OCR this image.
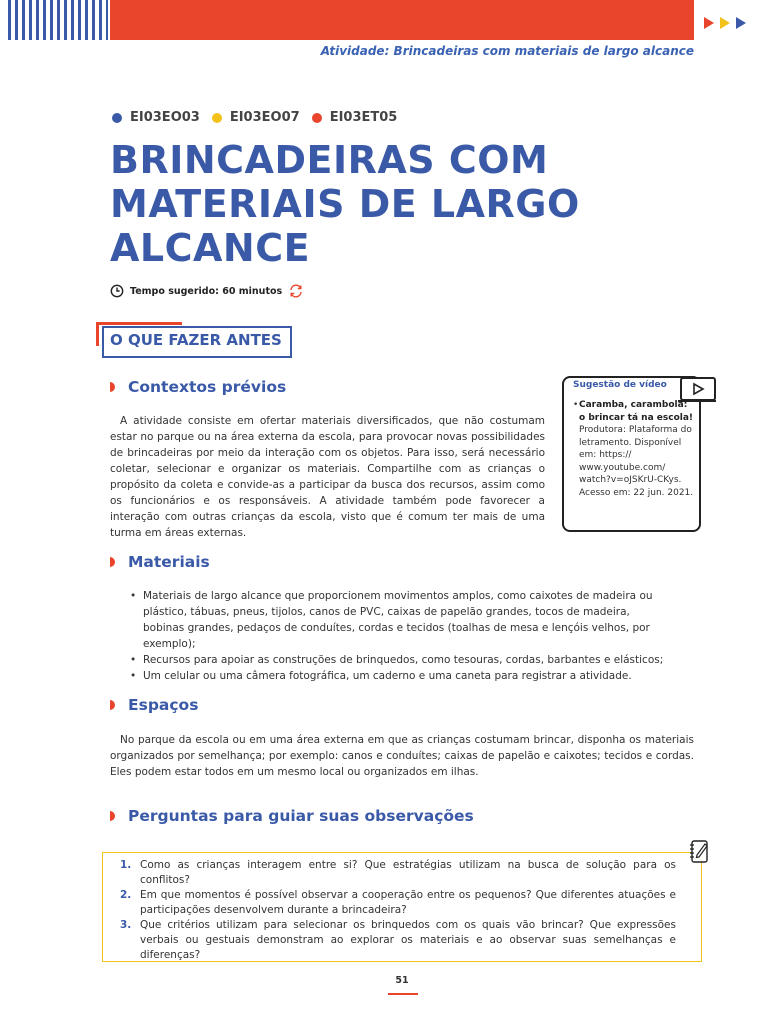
Atividade: Brincadeiras com materiais de largo alcance
EI03EO03 EI03EO07 EI03ET05
BRINCADEIRAS COM MATERIAIS DE LARGO ALCANCE
Tempo sugerido: 60 minutos
O QUE FAZER ANTES
Contextos prévios
A atividade consiste em ofertar materiais diversificados, que não costumam estar no parque ou na área externa da escola, para provocar novas possibilidades de brincadeiras por meio da interação com os objetos. Para isso, será necessário coletar, selecionar e organizar os materiais. Compartilhe com as crianças o propósito da coleta e convide-as a participar da busca dos recursos, assim como os funcionários e os responsáveis. A atividade também pode favorecer a interação com outras crianças da escola, visto que é comum ter mais de uma turma em áreas externas.
Sugestão de vídeo
• Caramba, carambola: o brincar tá na escola!
Produtora: Plataforma do letramento. Disponível em: https:// www.youtube.com/ watch?v=oJSKrU-CKys. Acesso em: 22 jun. 2021.
Materiais
• Materiais de largo alcance que proporcionem movimentos amplos, como caixotes de madeira ou plástico, tábuas, pneus, tijolos, canos de PVC, caixas de papelão grandes, tocos de madeira, bobinas grandes, pedaços de conduítes, cordas e tecidos (toalhas de mesa e lençóis velhos, por exemplo);
• Recursos para apoiar as construções de brinquedos, como tesouras, cordas, barbantes e elásticos;
• Um celular ou uma câmera fotográfica, um caderno e uma caneta para registrar a atividade.
Espaços
No parque da escola ou em uma área externa em que as crianças costumam brincar, disponha os materiais organizados por semelhança; por exemplo: canos e conduítes; caixas de papelão e caixotes; tecidos e cordas. Eles podem estar todos em um mesmo local ou organizados em ilhas.
Perguntas para guiar suas observações
1. Como as crianças interagem entre si? Que estratégias utilizam na busca de solução para os conflitos?
2. Em que momentos é possível observar a cooperação entre os pequenos? Que diferentes atuações e participações desenvolvem durante a brincadeira?
3. Que critérios utilizam para selecionar os brinquedos com os quais vão brincar? Que expressões verbais ou gestuais demonstram ao explorar os materiais e ao observar suas semelhanças e diferenças?
51
